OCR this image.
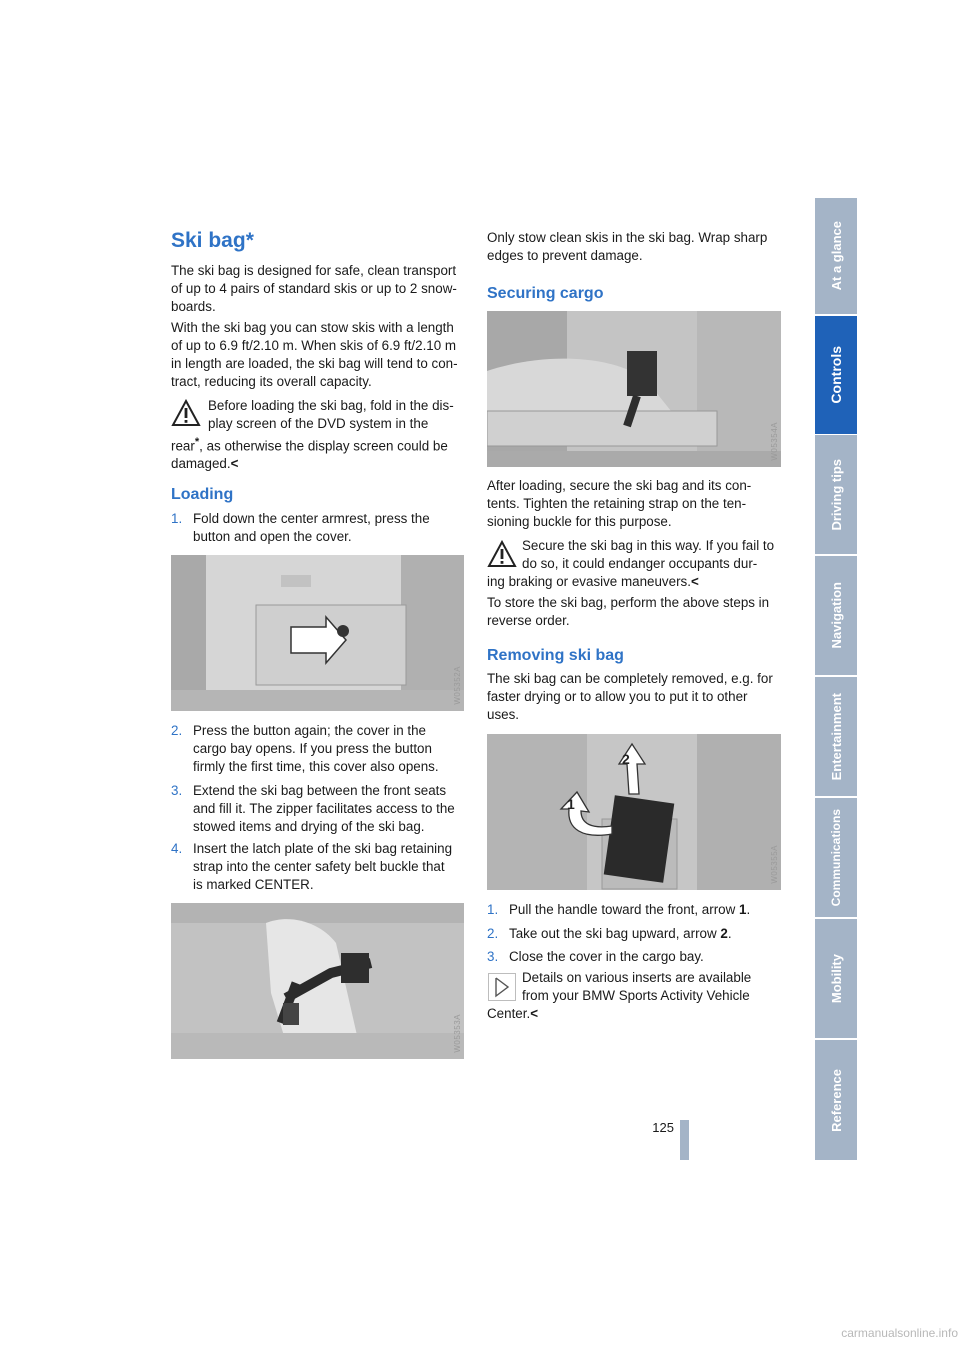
Reference
Mobility
Communications
Entertainment
Navigation
Driving tips
Controls
At a glance
125
Ski bag*
The ski bag is designed for safe, clean transport
of up to 4 pairs of standard skis or up to 2 snow-
boards.
With the ski bag you can stow skis with a length
of up to 6.9 ft/2.10 m. When skis of 6.9 ft/2.10 m
in length are loaded, the ski bag will tend to con-
tract, reducing its overall capacity.
Before loading the ski bag, fold in the dis-
play screen of the DVD system in the
rear*, as otherwise the display screen could be
damaged.<
Loading
1. Fold down the center armrest, press the
button and open the cover.
W05352A
2. Press the button again; the cover in the
cargo bay opens. If you press the button
firmly the first time, this cover also opens.
3. Extend the ski bag between the front seats
and fill it. The zipper facilitates access to the
stowed items and drying of the ski bag.
4. Insert the latch plate of the ski bag retaining
strap into the center safety belt buckle that
is marked CENTER.
W05353A
Only stow clean skis in the ski bag. Wrap sharp
edges to prevent damage.
Securing cargo
W05354A
After loading, secure the ski bag and its con-
tents. Tighten the retaining strap on the ten-
sioning buckle for this purpose.
Secure the ski bag in this way. If you fail to
do so, it could endanger occupants dur-
ing braking or evasive maneuvers.<
To store the ski bag, perform the above steps in
reverse order.
Removing ski bag
The ski bag can be completely removed, e.g. for
faster drying or to allow you to put it to other
uses.
2
1
W05355A
1. Pull the handle toward the front, arrow 1.
2. Take out the ski bag upward, arrow 2.
3. Close the cover in the cargo bay.
Details on various inserts are available
from your BMW Sports Activity Vehicle
Center.<
carmanualsonline.info
